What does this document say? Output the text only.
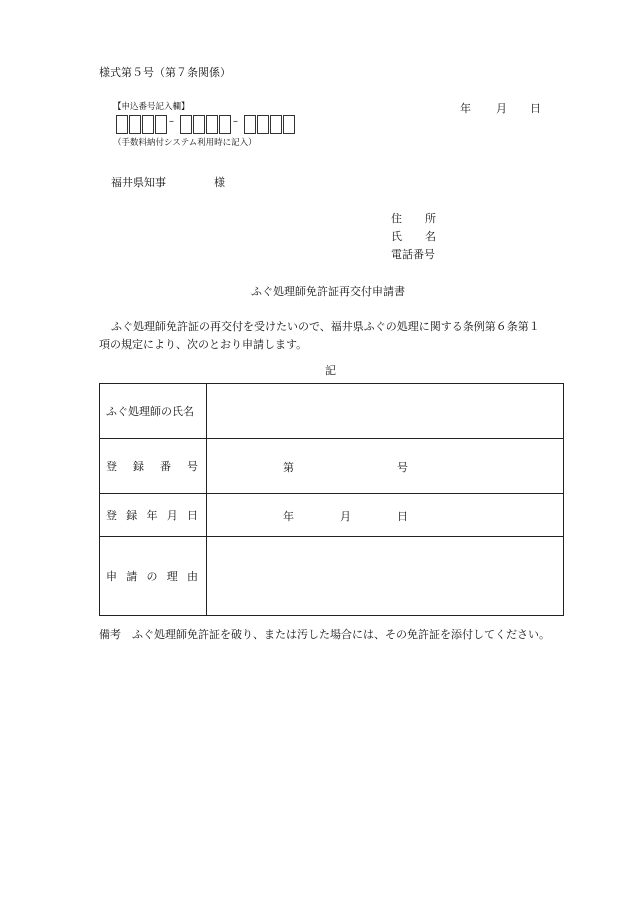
様式第５号（第７条関係）
【申込番号記入欄】
–	–
（手数料納付システム利用時に記入）
年 月 日
福井県知事	様
住 所
氏 名
電話番号
ふぐ処理師免許証再交付申請書
ふぐ処理師免許証の再交付を受けたいので、福井県ふぐの処理に関する条例第６条第１
項の規定により、次のとおり申請します。
記
ふぐ処理師の氏名	

登 録 番 号	第 号

登 録 年 月 日	年 月 日

申 請 の 理 由	

備考 ふぐ処理師免許証を破り、または汚した場合には、その免許証を添付してください。
